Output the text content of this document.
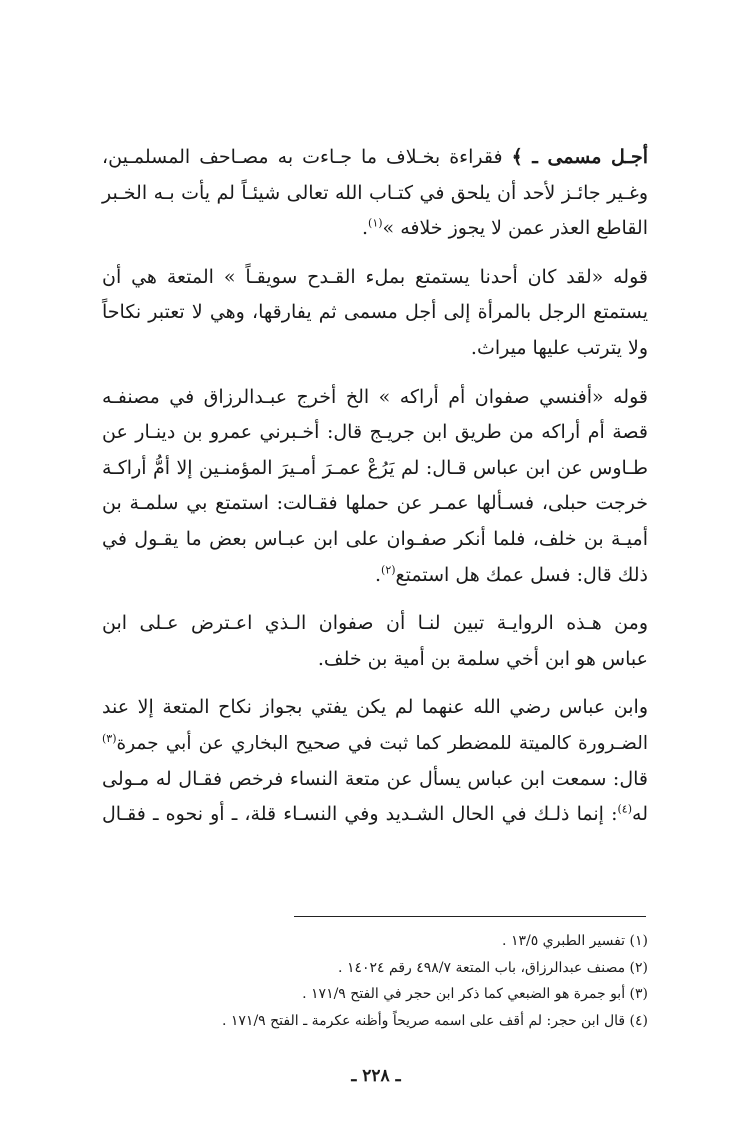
أجـل مسمى ـ ﴾ فقراءة بخـلاف ما جـاءت به مصـاحف المسلمـين،
وغـير جائـز لأحد أن يلحق في كتـاب الله تعالى شيئـاً لم يأت بـه الخـبر
القاطع العذر عمن لا يجوز خلافه »$^{(١)}$.

قوله «لقد كان أحدنا يستمتع بملء القـدح سويقـاً » المتعة هي أن
يستمتع الرجل بالمرأة إلى أجل مسمى ثم يفارقها، وهي لا تعتبر نكاحاً
ولا يترتب عليها ميراث.

قوله «أفنسي صفوان أم أراكه » الخ أخرج عبـدالرزاق في مصنفـه
قصة أم أراكه من طريق ابن جريـج قال: أخـبرني عمرو بن دينـار عن
طـاوس عن ابن عباس قـال: لم يَرُعْ عمـرَ أمـيرَ المؤمنـين إلا أمُّ أراكـة
خرجت حبلى، فسـألها عمـر عن حملها فقـالت: استمتع بي سلمـة بن
أميـة بن خلف، فلما أنكر صفـوان على ابن عبـاس بعض ما يقـول في
ذلك قال: فسل عمك هل استمتع$^{(٢)}$.

ومن هـذه الروايـة تبين لنـا أن صفوان الـذي اعـترض عـلى ابن
عباس هو ابن أخي سلمة بن أمية بن خلف.

وابن عباس رضي الله عنهما لم يكن يفتي بجواز نكاح المتعة إلا عند
الضـرورة كالميتة للمضطر كما ثبت في صحيح البخاري عن أبي جمرة$^{(٣)}$
قال: سمعت ابن عباس يسأل عن متعة النساء فرخص فقـال له مـولى
له$^{(٤)}$: إنما ذلـك في الحال الشـديد وفي النسـاء قلة، ـ أو نحوه ـ فقـال

(١) تفسير الطبري ١٣/٥ .
(٢) مصنف عبدالرزاق، باب المتعة ٤٩٨/٧ رقم ١٤٠٢٤ .
(٣) أبو جمرة هو الضبعي كما ذكر ابن حجر في الفتح ١٧١/٩ .
(٤) قال ابن حجر: لم أقف على اسمه صريحاً وأظنه عكرمة ـ الفتح ١٧١/٩ .
ـ ٢٢٨ ـ
